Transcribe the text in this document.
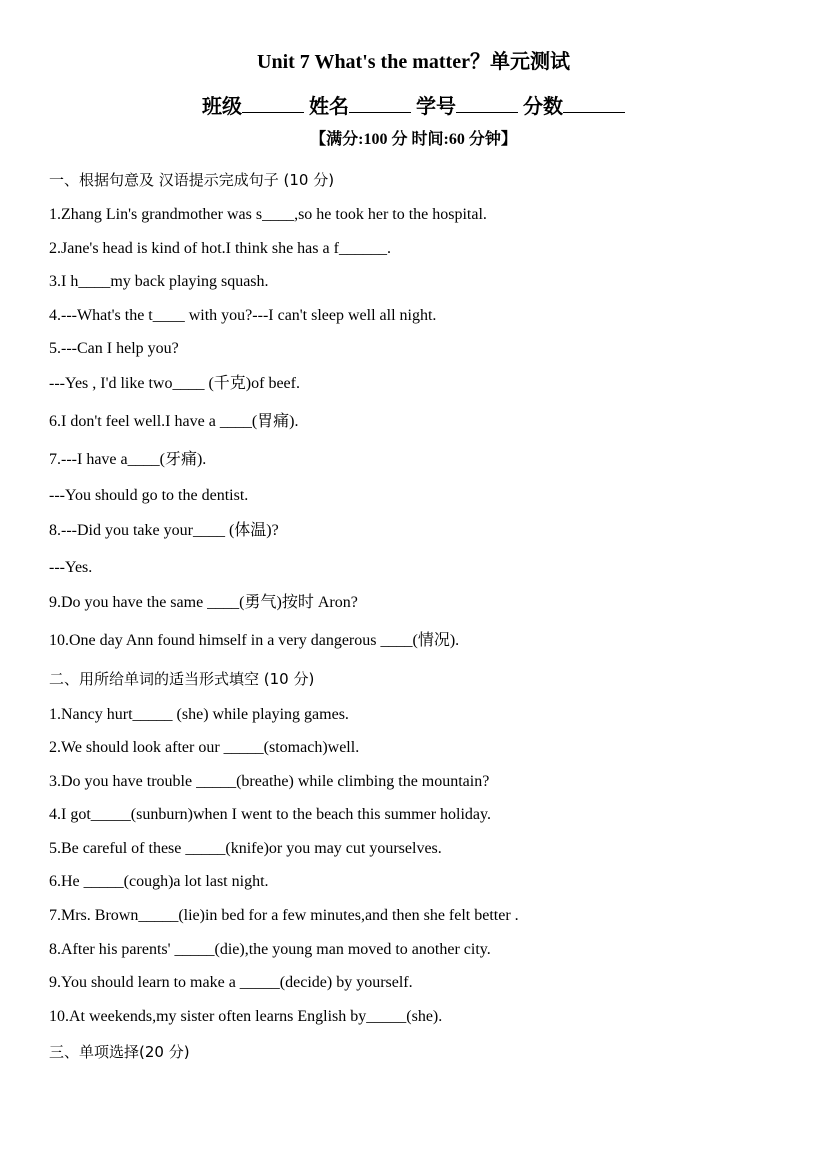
Unit 7 What's the matter？单元测试
班级	姓名	学号	分数
【满分:100 分 时间:60 分钟】
一、根据句意及 汉语提示完成句子 (10 分)
1.Zhang Lin's grandmother was s____,so he took her to the hospital.
2.Jane's head is kind of hot.I think she has a f______.
3.I h____my back playing squash.
4.---What's the t____ with you?---I can't sleep well all night.
5.---Can I help you?
---Yes , I'd like two____ (千克)of beef.
6.I don't feel well.I have a ____(胃痛).
7.---I have a____(牙痛).
---You should go to the dentist.
8.---Did you take your____ (体温)?
---Yes.
9.Do you have the same ____(勇气)按时 Aron?
10.One day Ann found himself in a very dangerous ____(情况).
二、用所给单词的适当形式填空 (10 分)
1.Nancy hurt_____ (she) while playing games.
2.We should look after our _____(stomach)well.
3.Do you have trouble _____(breathe) while climbing the mountain?
4.I got_____(sunburn)when I went to the beach this summer holiday.
5.Be careful of these _____(knife)or you may cut yourselves.
6.He _____(cough)a lot last night.
7.Mrs. Brown_____(lie)in bed for a few minutes,and then she felt better .
8.After his parents' _____(die),the young man moved to another city.
9.You should learn to make a _____(decide) by yourself.
10.At weekends,my sister often learns English by_____(she).
三、单项选择(20 分)
